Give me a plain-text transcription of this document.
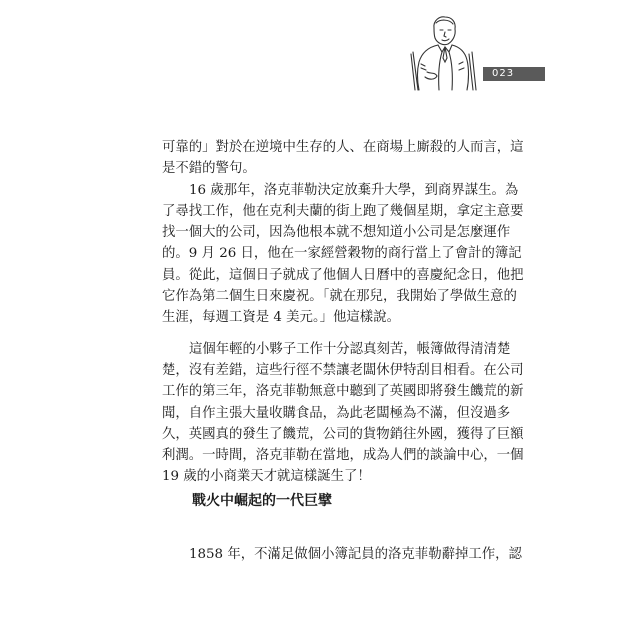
023

可靠的」對於在逆境中生存的人、在商場上廝殺的人而言，這

是不錯的警句。

16 歲那年，洛克菲勒決定放棄升大學，到商界謀生。為

了尋找工作，他在克利夫蘭的街上跑了幾個星期，拿定主意要

找一個大的公司，因為他根本就不想知道小公司是怎麼運作

的。9 月 26 日，他在一家經營穀物的商行當上了會計的簿記

員。從此，這個日子就成了他個人日曆中的喜慶紀念日，他把

它作為第二個生日來慶祝。「就在那兒，我開始了學做生意的

生涯，每週工資是 4 美元。」他這樣說。

這個年輕的小夥子工作十分認真刻苦，帳簿做得清清楚

楚，沒有差錯，這些行徑不禁讓老闆休伊特刮目相看。在公司

工作的第三年，洛克菲勒無意中聽到了英國即將發生饑荒的新

聞，自作主張大量收購食品，為此老闆極為不滿，但沒過多

久，英國真的發生了饑荒，公司的貨物銷往外國，獲得了巨額

利潤。一時間，洛克菲勒在當地，成為人們的談論中心，一個

19 歲的小商業天才就這樣誕生了！

戰火中崛起的一代巨擘

1858 年，不滿足做個小簿記員的洛克菲勒辭掉工作，認
